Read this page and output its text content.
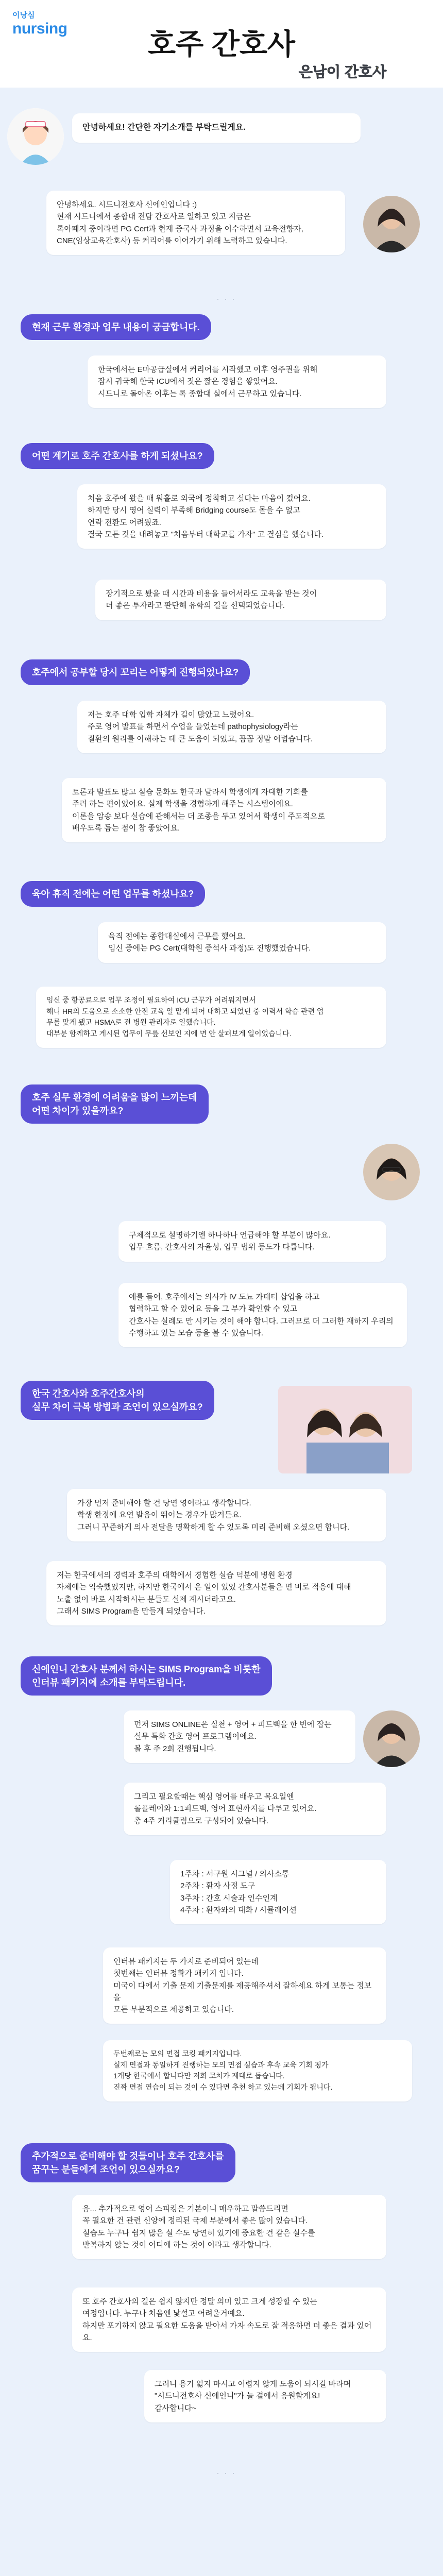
이낭심
nursing	호주 간호사
은남이 간호사
안녕하세요! 간단한 자기소개를 부탁드릴게요.
안녕하세요. 시드니전호사 신에인입니다 :)
현재 시드니에서 종합대 전담 간호사로 일하고 있고 지금은
록아페지 중이라면 PG Cert과 현재 중국사 과정을 이수하면서 교육전향자,
CNE(임상교육간호사) 등 커리어를 이어가기 위해 노력하고 있습니다.
· · ·
현재 근무 환경과 업무 내용이 궁금합니다.
한국에서는 E마공급실에서 커리어를 시작했고 이후 영주권을 위해
잠시 귀국해 한국 ICU에서 짓은 짧은 경험을 쌓았어요.
시드니로 돌아온 이후는 록 종합대 실에서 근무하고 있습니다.
어떤 계기로 호주 간호사를 하게 되셨나요?
처음 호주에 왔을 때 워홀로 외국에 정착하고 싶다는 마음이 컸어요.
하지만 당시 영어 실력이 부족해 Bridging course도 몰을 수 없고
연락 전환도 어려웠죠.
결국 모든 것을 내려놓고 "처음부터 대학교를 가자" 고 결심을 했습니다.
장기적으로 봤을 때 시간과 비용을 들어서라도 교육을 받는 것이
더 좋은 투자라고 판단해 유학의 길을 선택되었습니다.
호주에서 공부할 당시 꼬리는 어떻게 진행되었나요?
저는 호주 대학 입학 자체가 길이 많았고 느렸어요.
주로 영어 발표를 하면서 수업을 들었는데 pathophysiology라는
질환의 원리를 이해하는 데 큰 도움이 되었고, 꼼꼼 정말 어렵습니다.
토론과 발표도 많고 실습 문화도 한국과 달라서 학생에게 자대한 기회를
주려 하는 편이었어요. 실제 학생을 경험하게 해주는 시스템이에요.
이론을 암송 보다 실습에 관해서는 더 조종을 두고 있어서 학생이 주도적으로
배우도록 돕는 점이 참 좋았어요.
육아 휴직 전에는 어떤 업무를 하셨나요?
육직 전에는 종합대실에서 근무를 했어요.
임신 중에는 PG Cert(대학원 증석사 과정)도 진행했었습니다.
임신 중 항공료으로 업무 조정이 필요하여 ICU 근무가 어려워지면서
해니 HR의 도움으로 소소한 안전 교육 일 맡게 되어 대하고 되었던 중 이력서 학습 관련 업
무를 맞게 됐고 HSMA로 전 병원 관리자로 일했습니다.
대부분 함께하고 게시된 업무이 무릎 선보인 지에 면 안 살펴보게 일이었습니다.
호주 실무 환경에 어려움을 많이 느끼는데
어떤 차이가 있을까요?
구체적으로 설명하기엔 하나하나 언급해야 할 부분이 많아요.
업무 흐름, 간호사의 자율성, 업무 범위 등도가 다릅니다.
예를 들어, 호주에서는 의사가 IV 도뇨 카테터 삽입을 하고
협력하고 할 수 있어요 등을 그 부가 확인할 수 있고
간호사는 실례도 만 시키는 것이 해야 합니다. 그러므로 더 그러한 재하지 우리의
수행하고 있는 모습 등을 볼 수 있습니다.
한국 간호사와 호주간호사의
실무 차이 극복 방법과 조언이 있으실까요?
가장 먼저 준비해야 할 건 당연 영어라고 생각합니다.
학생 한정에 요연 발음이 뛰어는 경우가 많거든요.
그러니 꾸준하게 의사 전달을 명확하게 할 수 있도록 미리 준비해 오셨으면 합니다.
저는 한국에서의 경력과 호주의 대학에서 경험한 실습 덕분에 병원 환경
자체에는 익숙했었지만, 하지만 한국에서 온 일이 있었 간호사분들은 면 비로 적응에 대해
노출 없이 바로 시작하시는 분들도 실제 계시더라고요.
그래서 SIMS Program을 만들게 되었습니다.
신에인니 간호사 분께서 하시는 SIMS Program을 비롯한
인터뷰 패키지에 소개를 부탁드립니다.
먼저 SIMS ONLINE은 실천 + 영어 + 피드백을 한 번에 잡는
실무 특화 간호 영어 프로그램이에요.
볼 후 주 2회 진행됩니다.
그리고 필요할때는 핵심 영어를 배우고 목요일엔
롤플레이와 1:1피드백, 영어 표현까지를 다루고 있어요.
총 4주 커리큘럼으로 구성되어 있습니다.
1주차 : 서구원 시그널 / 의사소통
2주차 : 환자 사정 도구
3주차 : 간호 시술과 인수인계
4주차 : 환자와의 대화 / 시뮬레이션
인터뷰 패키지는 두 가지로 준비되어 있는데
첫번째는 인터뷰 정확가 패키지 입니다.
미국이 다에서 기출 문제 기출문제를 제공해주셔서 잘하세요 하게 보통는 정보을
모든 부분적으로 제공하고 있습니다.
두번째로는 모의 면접 코킹 패키지입니다.
실제 면접과 동일하게 진행하는 모의 면접 실습과 후속 교육 기회 평가
1개당 한국에서 합니다만 저희 코치가 제대로 돕습니다.
진짜 면접 연습이 되는 것이 수 있다면 추천 하고 있는데 기회가 됩니다.
추가적으로 준비해야 할 것들이나 호주 간호사를
꿈꾸는 분들에게 조언이 있으실까요?
음... 추가적으로 영어 스피킹은 기본이니 매우하고 말씀드리면
꼭 필요한 건 관련 신앙에 정리된 국제 부분에서 좋은 많이 있습니다.
실습도 누구나 쉽지 많은 실 수도 당연히 있기에 중요한 건 같은 실수를
반복하지 않는 것이 어디에 하는 것이 이라고 생각합니다.
또 호주 간호사의 길은 쉽지 않지만 정말 의미 있고 크게 성장할 수 있는
여정입니다. 누구나 처음엔 낯설고 어려울거예요.
하지만 포기하지 않고 필요한 도움을 받아서 가자 속도로 잘 적응하면 더 좋은 결과 있어요.
그러니 용기 잃지 마시고 어렵지 않게 도움이 되시길 바라며
"시드니전호사 신에인니"가 늘 곁에서 응원할게요!
감사합니다~
· · ·
